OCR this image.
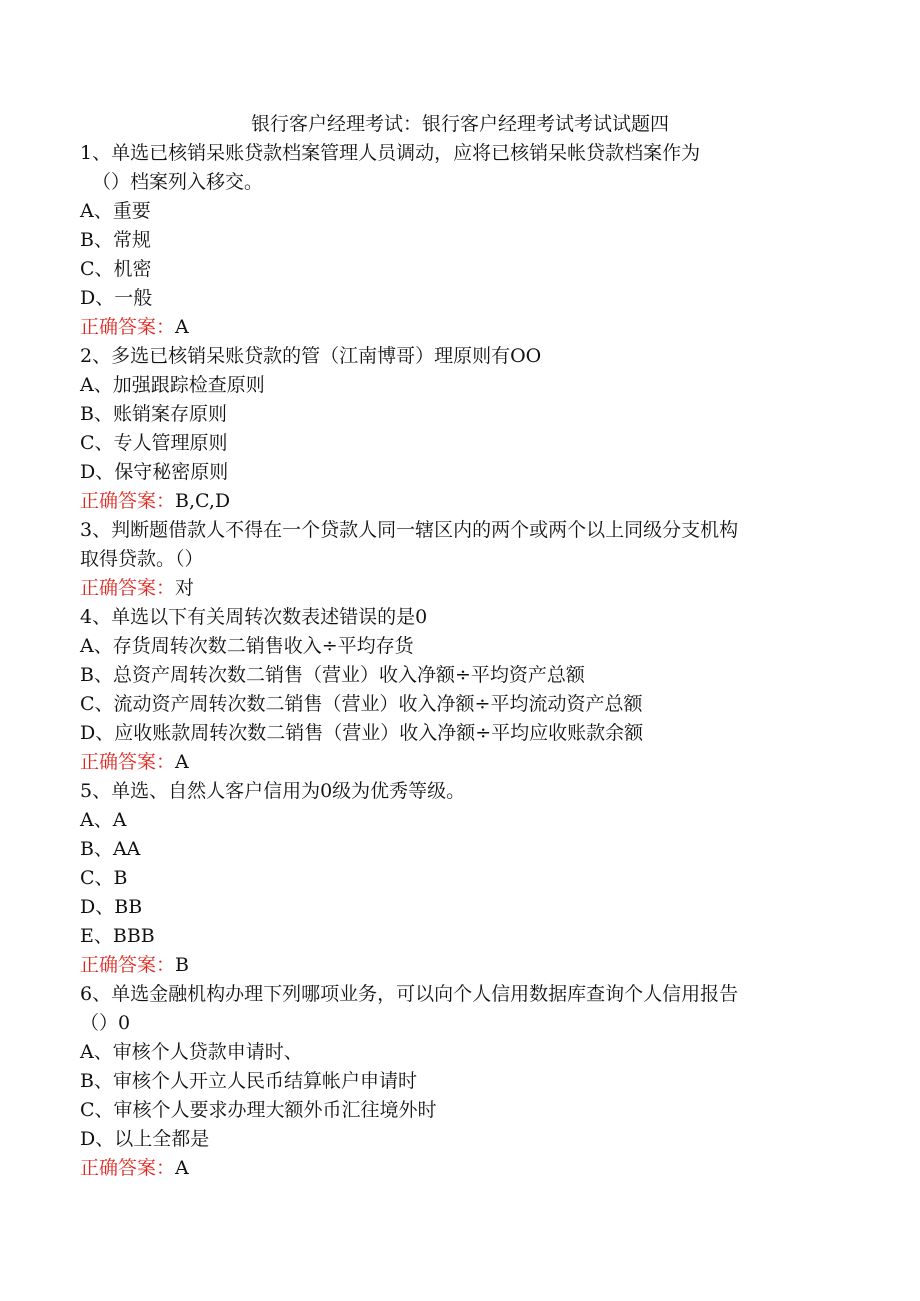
银行客户经理考试：银行客户经理考试考试试题四
1、单选已核销呆账贷款档案管理人员调动，应将已核销呆帐贷款档案作为
（）档案列入移交。
A、重要
B、常规
C、机密
D、一般
正确答案：A
2、多选已核销呆账贷款的管（江南博哥）理原则有OO
A、加强跟踪检查原则
B、账销案存原则
C、专人管理原则
D、保守秘密原则
正确答案：B,C,D
3、判断题借款人不得在一个贷款人同一辖区内的两个或两个以上同级分支机构
取得贷款。（）
正确答案：对
4、单选以下有关周转次数表述错误的是0
A、存货周转次数二销售收入÷平均存货
B、总资产周转次数二销售（营业）收入净额÷平均资产总额
C、流动资产周转次数二销售（营业）收入净额÷平均流动资产总额
D、应收账款周转次数二销售（营业）收入净额÷平均应收账款余额
正确答案：A
5、单选、自然人客户信用为0级为优秀等级。
A、A
B、AA
C、B
D、BB
E、BBB
正确答案：B
6、单选金融机构办理下列哪项业务，可以向个人信用数据库查询个人信用报告
（）0
A、审核个人贷款申请时、
B、审核个人开立人民币结算帐户申请时
C、审核个人要求办理大额外币汇往境外时
D、以上全都是
正确答案：A
